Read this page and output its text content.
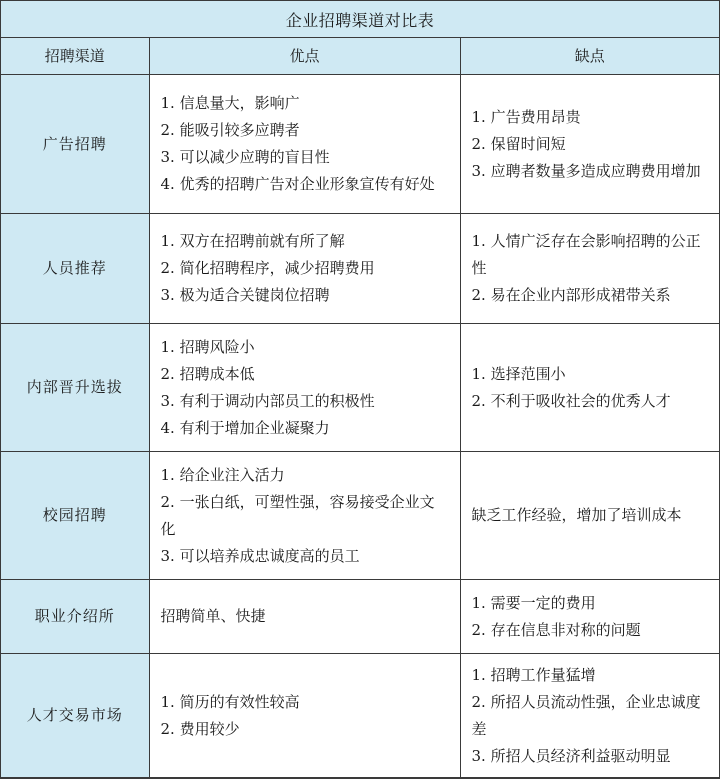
企业招聘渠道对比表
招聘渠道	优点	缺点
广告招聘	1. 信息量大，影响广
2. 能吸引较多应聘者
3. 可以减少应聘的盲目性
4. 优秀的招聘广告对企业形象宣传有好处	1. 广告费用昂贵
2. 保留时间短
3. 应聘者数量多造成应聘费用增加

人员推荐	1. 双方在招聘前就有所了解
2. 简化招聘程序，减少招聘费用
3. 极为适合关键岗位招聘	1. 人情广泛存在会影响招聘的公正性
2. 易在企业内部形成裙带关系

内部晋升选拔	1. 招聘风险小
2. 招聘成本低
3. 有利于调动内部员工的积极性
4. 有利于增加企业凝聚力	1. 选择范围小
2. 不利于吸收社会的优秀人才

校园招聘	1. 给企业注入活力
2. 一张白纸，可塑性强，容易接受企业文化
3. 可以培养成忠诚度高的员工	缺乏工作经验，增加了培训成本

职业介绍所	招聘简单、快捷	1. 需要一定的费用
2. 存在信息非对称的问题

人才交易市场	1. 简历的有效性较高
2. 费用较少	1. 招聘工作量猛增
2. 所招人员流动性强，企业忠诚度差
3. 所招人员经济利益驱动明显
